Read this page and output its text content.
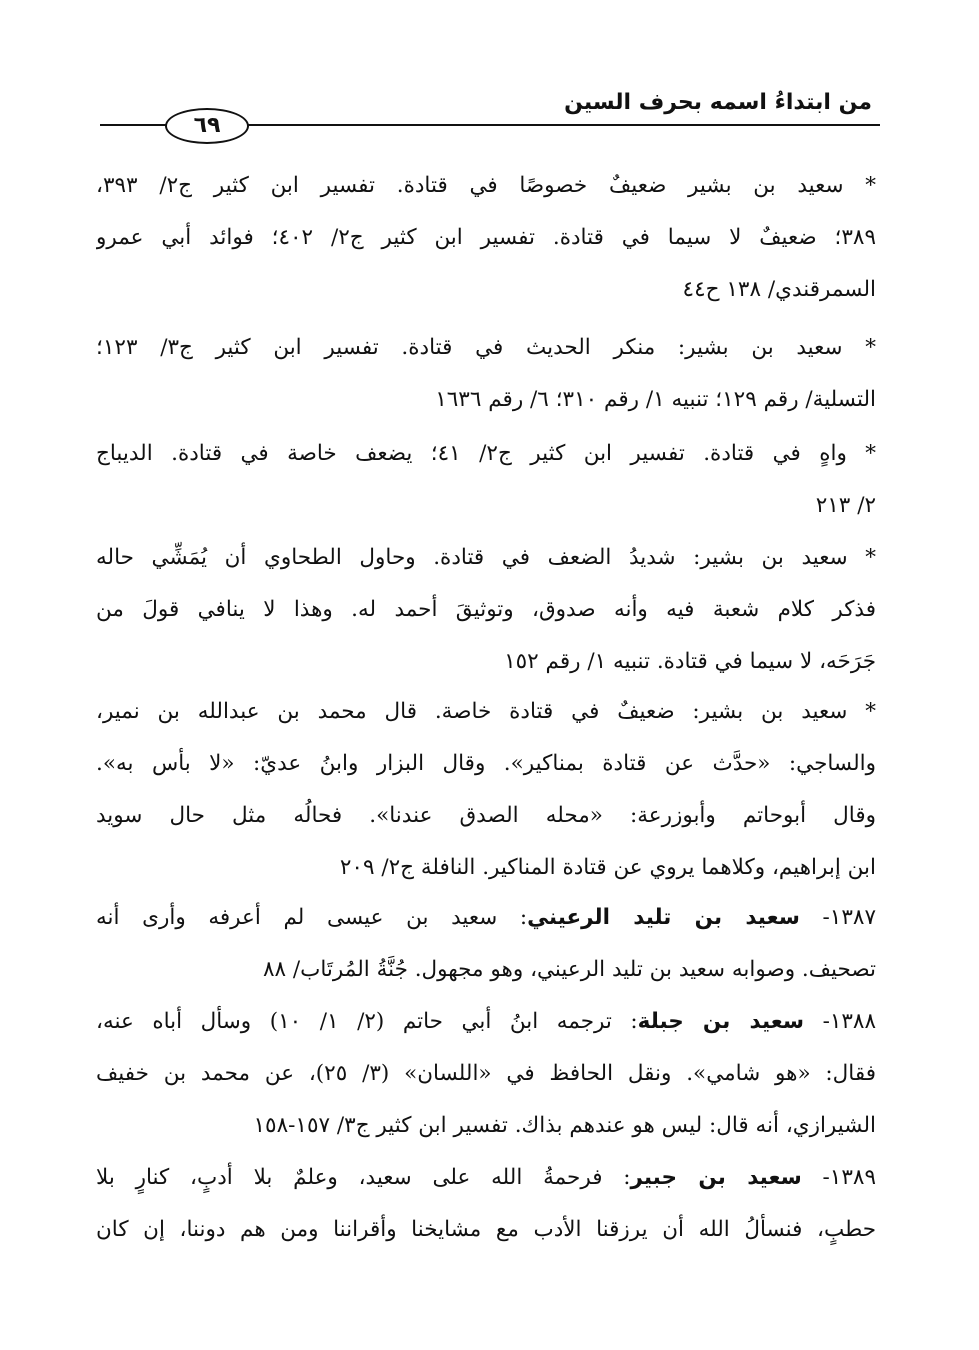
من ابتداءُ اسمه بحرف السين
٦٩
* سعيد بن بشير ضعيفٌ خصوصًا في قتادة. تفسير ابن كثير ج٢/ ٣٩٣،
٣٨٩؛ ضعيفٌ لا سيما في قتادة. تفسير ابن كثير ج٢/ ٤٠٢؛ فوائد أبي عمرو
السمرقندي/ ١٣٨ ح٤٤
* سعيد بن بشير: منكر الحديث في قتادة. تفسير ابن كثير ج٣/ ١٢٣؛
التسلية/ رقم ١٢٩؛ تنبيه ١/ رقم ٣١٠؛ ٦/ رقم ١٦٣٦
* واهٍ في قتادة. تفسير ابن كثير ج٢/ ٤١؛ يضعف خاصة في قتادة. الديباج
٢/ ٢١٣
* سعيد بن بشير: شديدُ الضعف في قتادة. وحاول الطحاوي أن يُمَشِّي حاله
فذكر كلام شعبة فيه وأنه صدوق، وتوثيقَ أحمد له. وهذا لا ينافي قولَ من
جَرَحَه، لا سيما في قتادة. تنبيه ١/ رقم ١٥٢
* سعيد بن بشير: ضعيفٌ في قتادة خاصة. قال محمد بن عبدالله بن نمير،
والساجي: «حدَّث عن قتادة بمناكير». وقال البزار وابنُ عديّ: «لا بأس به».
وقال أبوحاتم وأبوزرعة: «محله الصدق عندنا». فحالُه مثل حال سويد
ابن إبراهيم، وكلاهما يروي عن قتادة المناكير. النافلة ج٢/ ٢٠٩
١٣٨٧- سعيد بن تليد الرعيني: سعيد بن عيسى لم أعرفه وأرى أنه
تصحيف. وصوابه سعيد بن تليد الرعيني، وهو مجهول. جُنَّةُ المُرتَاب/ ٨٨
١٣٨٨- سعيد بن جبلة: ترجمه ابنُ أبي حاتم (٢/ ١/ ١٠) وسأل أباه عنه،
فقال: «هو شامي». ونقل الحافظ في «اللسان» (٣/ ٢٥)، عن محمد بن خفيف
الشيرازي، أنه قال: ليس هو عندهم بذاك. تفسير ابن كثير ج٣/ ١٥٧-١٥٨
١٣٨٩- سعيد بن جبير: فرحمةُ الله على سعيد، وعلمٌ بلا أدبٍ، كنارٍ بلا
حطبٍ، فنسألُ الله أن يرزقنا الأدب مع مشايخنا وأقراننا ومن هم دوننا، إن كان
